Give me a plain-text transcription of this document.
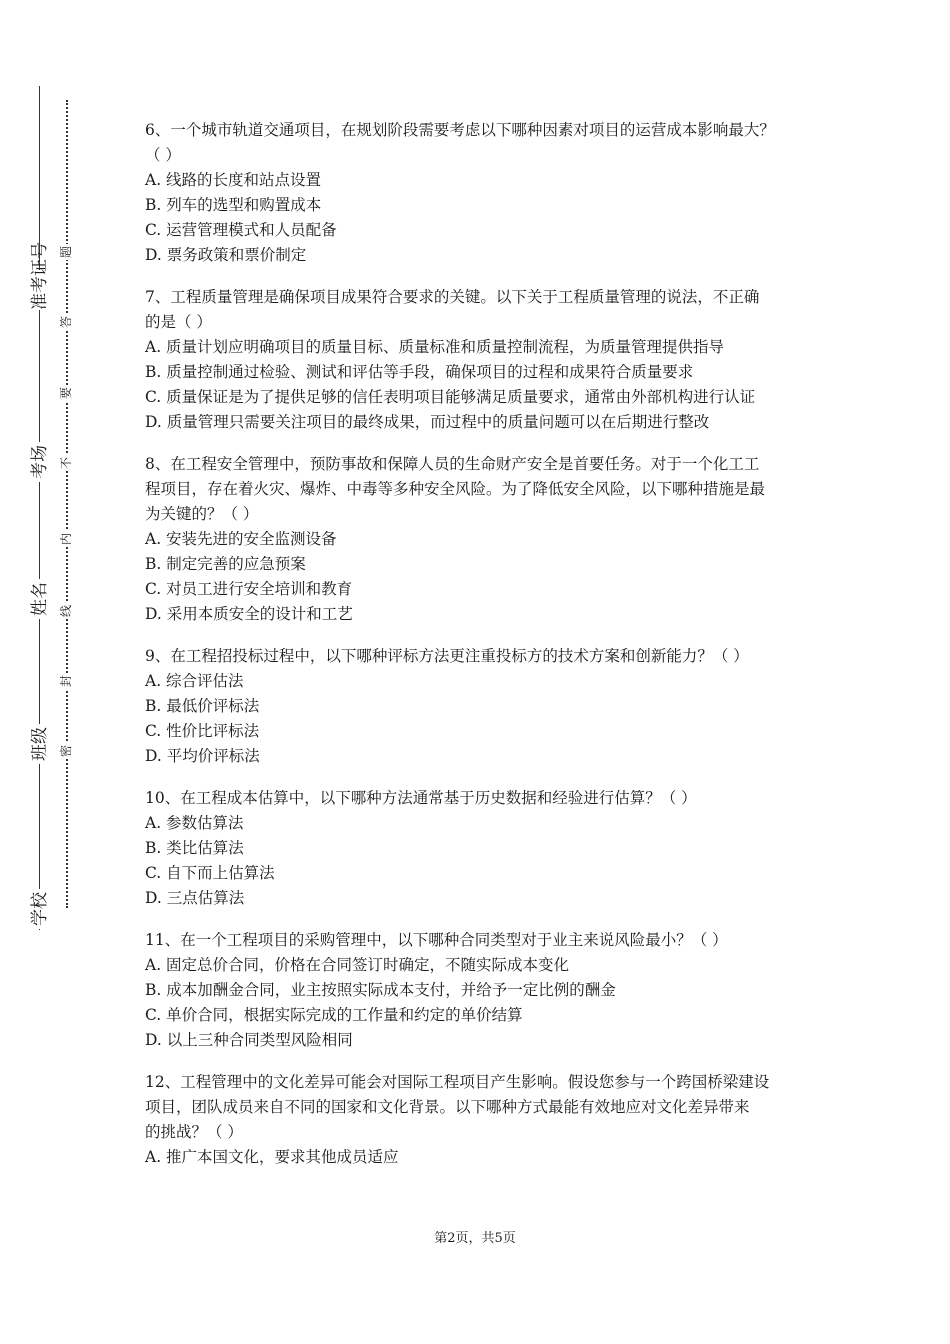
准考证号
考场
姓名
班级
学校
题
答
要
不
内
线
封
密

6、一个城市轨道交通项目，在规划阶段需要考虑以下哪种因素对项目的运营成本影响最大？

（ ）

A. 线路的长度和站点设置

B. 列车的选型和购置成本

C. 运营管理模式和人员配备

D. 票务政策和票价制定

7、工程质量管理是确保项目成果符合要求的关键。以下关于工程质量管理的说法，不正确

的是（ ）

A. 质量计划应明确项目的质量目标、质量标准和质量控制流程，为质量管理提供指导

B. 质量控制通过检验、测试和评估等手段，确保项目的过程和成果符合质量要求

C. 质量保证是为了提供足够的信任表明项目能够满足质量要求，通常由外部机构进行认证

D. 质量管理只需要关注项目的最终成果，而过程中的质量问题可以在后期进行整改

8、在工程安全管理中，预防事故和保障人员的生命财产安全是首要任务。对于一个化工工

程项目，存在着火灾、爆炸、中毒等多种安全风险。为了降低安全风险，以下哪种措施是最

为关键的？（ ）

A. 安装先进的安全监测设备

B. 制定完善的应急预案

C. 对员工进行安全培训和教育

D. 采用本质安全的设计和工艺

9、在工程招投标过程中，以下哪种评标方法更注重投标方的技术方案和创新能力？（ ）

A. 综合评估法

B. 最低价评标法

C. 性价比评标法

D. 平均价评标法

10、在工程成本估算中，以下哪种方法通常基于历史数据和经验进行估算？（ ）

A. 参数估算法

B. 类比估算法

C. 自下而上估算法

D. 三点估算法

11、在一个工程项目的采购管理中，以下哪种合同类型对于业主来说风险最小？（ ）

A. 固定总价合同，价格在合同签订时确定，不随实际成本变化

B. 成本加酬金合同，业主按照实际成本支付，并给予一定比例的酬金

C. 单价合同，根据实际完成的工作量和约定的单价结算

D. 以上三种合同类型风险相同

12、工程管理中的文化差异可能会对国际工程项目产生影响。假设您参与一个跨国桥梁建设

项目，团队成员来自不同的国家和文化背景。以下哪种方式最能有效地应对文化差异带来

的挑战？（ ）

A. 推广本国文化，要求其他成员适应

第2页，共5页
